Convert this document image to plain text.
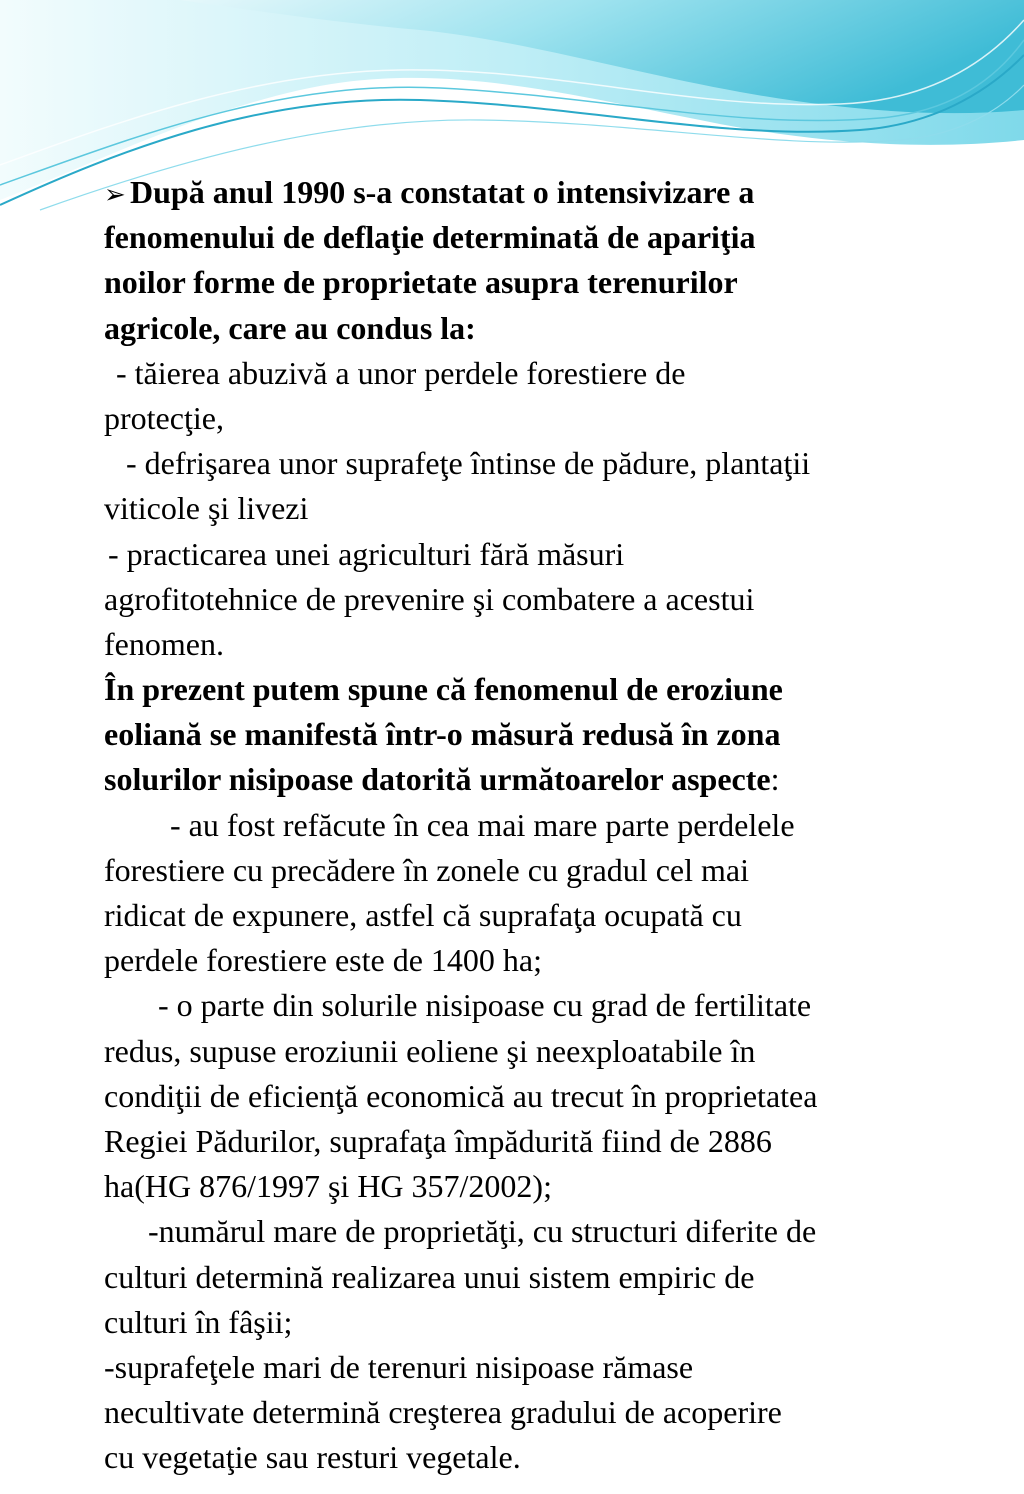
➢ După anul 1990 s-a constatat o intensivizare a
fenomenului de deflaţie determinată de apariţia
noilor forme de proprietate asupra terenurilor
agricole, care au condus la:
- tăierea abuzivă a unor perdele forestiere de
protecţie,
- defrişarea unor suprafeţe întinse de pădure, plantaţii
viticole şi livezi
- practicarea unei agriculturi fără măsuri
agrofitotehnice de prevenire şi combatere a acestui
fenomen.
În prezent putem spune că fenomenul de eroziune
eoliană se manifestă într-o măsură redusă în zona
solurilor nisipoase datorită următoarelor aspecte:
- au fost refăcute în cea mai mare parte perdelele
forestiere cu precădere în zonele cu gradul cel mai
ridicat de expunere, astfel că suprafaţa ocupată cu
perdele forestiere este de 1400 ha;
- o parte din solurile nisipoase cu grad de fertilitate
redus, supuse eroziunii eoliene şi neexploatabile în
condiţii de eficienţă economică au trecut în proprietatea
Regiei Pădurilor, suprafaţa împădurită fiind de 2886
ha(HG 876/1997 şi HG 357/2002);
-numărul mare de proprietăţi, cu structuri diferite de
culturi determină realizarea unui sistem empiric de
culturi în fâşii;
-suprafeţele mari de terenuri nisipoase rămase
necultivate determină creşterea gradului de acoperire
cu vegetaţie sau resturi vegetale.
